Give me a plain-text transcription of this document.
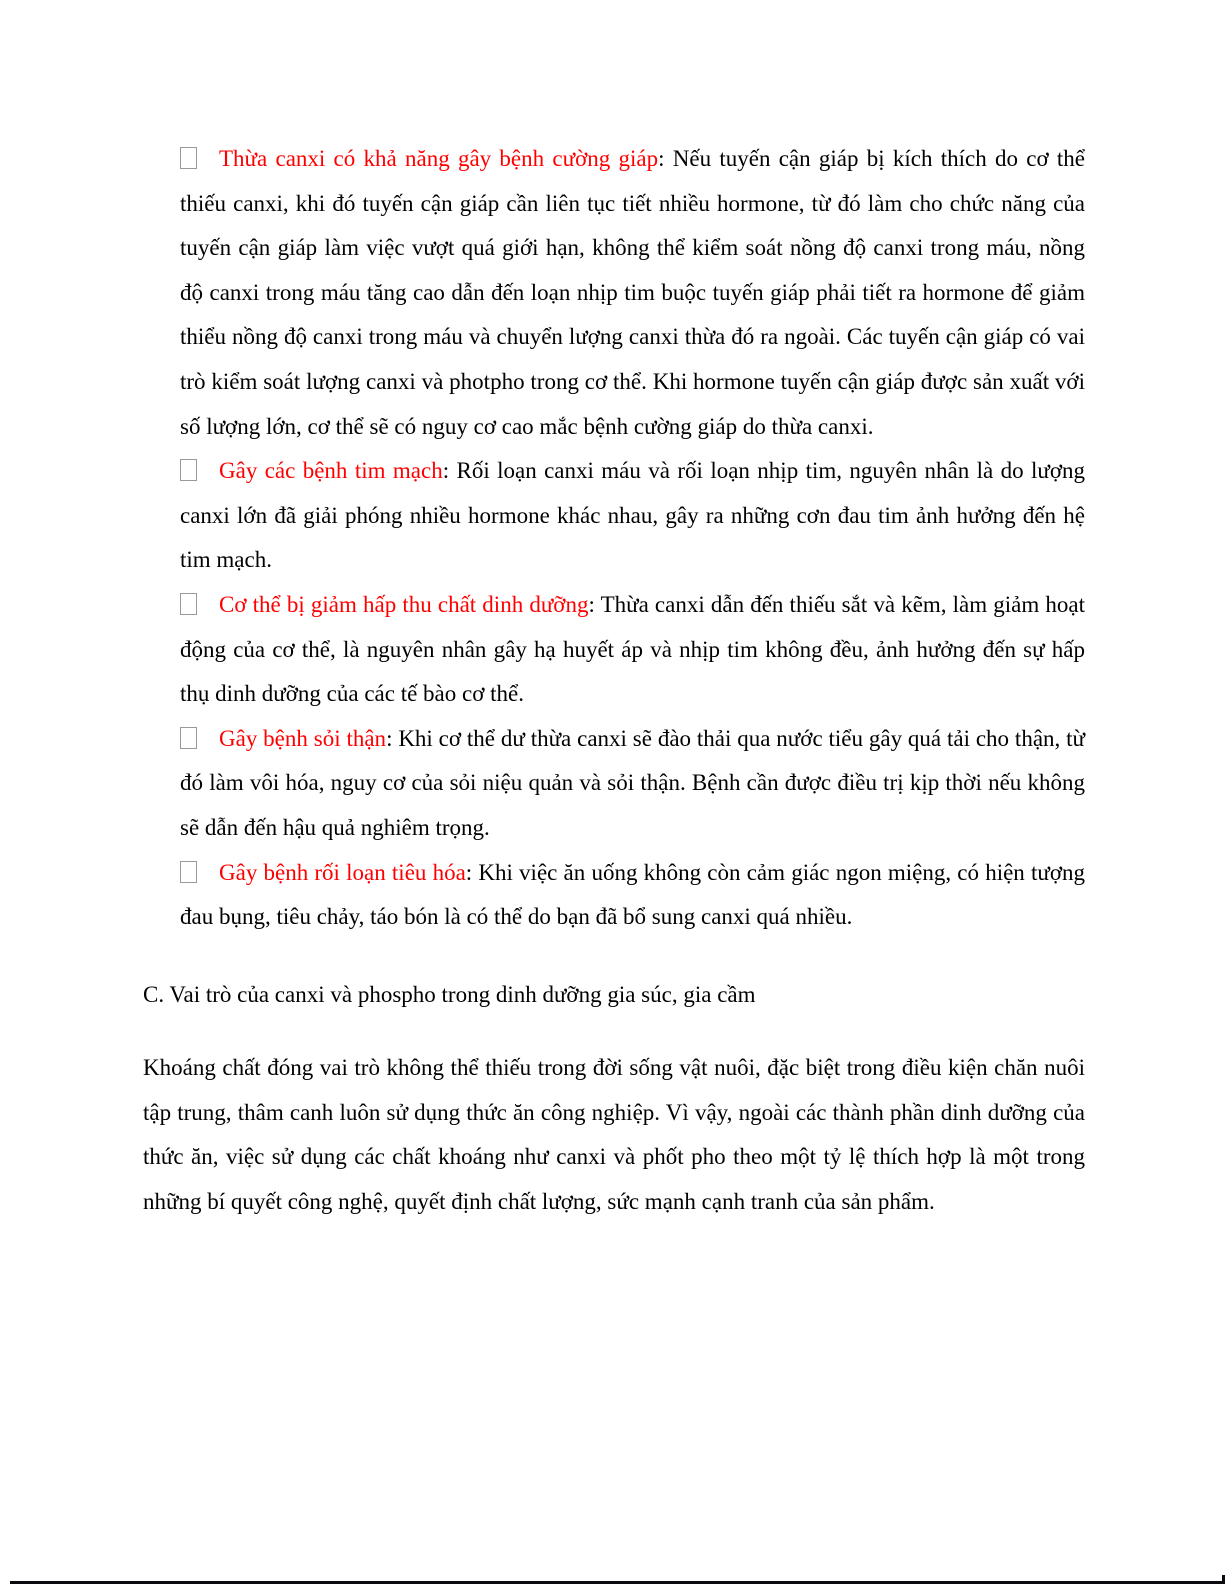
Thừa canxi có khả năng gây bệnh cường giáp: Nếu tuyến cận giáp bị kích thích do cơ thể thiếu canxi, khi đó tuyến cận giáp cần liên tục tiết nhiều hormone, từ đó làm cho chức năng của tuyến cận giáp làm việc vượt quá giới hạn, không thể kiểm soát nồng độ canxi trong máu, nồng độ canxi trong máu tăng cao dẫn đến loạn nhịp tim buộc tuyến giáp phải tiết ra hormone để giảm thiểu nồng độ canxi trong máu và chuyển lượng canxi thừa đó ra ngoài. Các tuyến cận giáp có vai trò kiểm soát lượng canxi và photpho trong cơ thể. Khi hormone tuyến cận giáp được sản xuất với số lượng lớn, cơ thể sẽ có nguy cơ cao mắc bệnh cường giáp do thừa canxi.
Gây các bệnh tim mạch: Rối loạn canxi máu và rối loạn nhịp tim, nguyên nhân là do lượng canxi lớn đã giải phóng nhiều hormone khác nhau, gây ra những cơn đau tim ảnh hưởng đến hệ tim mạch.
Cơ thể bị giảm hấp thu chất dinh dưỡng: Thừa canxi dẫn đến thiếu sắt và kẽm, làm giảm hoạt động của cơ thể, là nguyên nhân gây hạ huyết áp và nhịp tim không đều, ảnh hưởng đến sự hấp thụ dinh dưỡng của các tế bào cơ thể.
Gây bệnh sỏi thận: Khi cơ thể dư thừa canxi sẽ đào thải qua nước tiểu gây quá tải cho thận, từ đó làm vôi hóa, nguy cơ của sỏi niệu quản và sỏi thận. Bệnh cần được điều trị kịp thời nếu không sẽ dẫn đến hậu quả nghiêm trọng.
Gây bệnh rối loạn tiêu hóa: Khi việc ăn uống không còn cảm giác ngon miệng, có hiện tượng đau bụng, tiêu chảy, táo bón là có thể do bạn đã bổ sung canxi quá nhiều.
C. Vai trò của canxi và phospho trong dinh dưỡng gia súc, gia cầm
Khoáng chất đóng vai trò không thể thiếu trong đời sống vật nuôi, đặc biệt trong điều kiện chăn nuôi tập trung, thâm canh luôn sử dụng thức ăn công nghiệp. Vì vậy, ngoài các thành phần dinh dưỡng của thức ăn, việc sử dụng các chất khoáng như canxi và phốt pho theo một tỷ lệ thích hợp là một trong những bí quyết công nghệ, quyết định chất lượng, sức mạnh cạnh tranh của sản phẩm.
